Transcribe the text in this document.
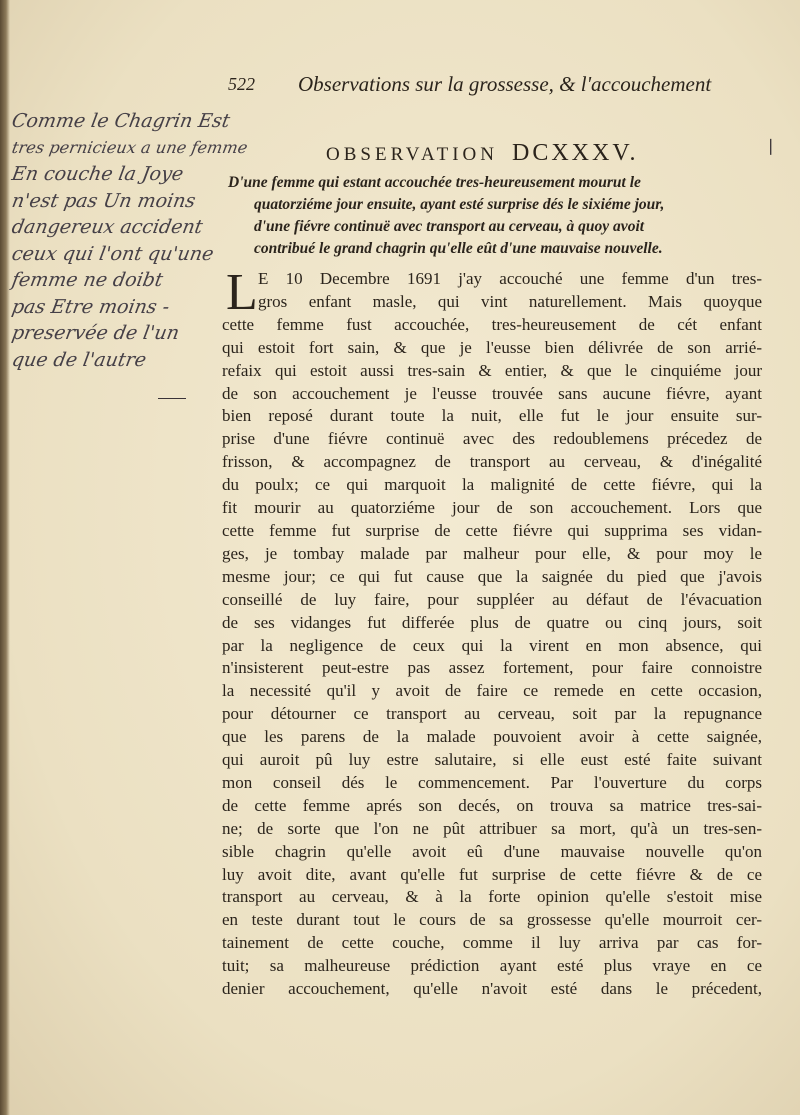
522 Observations sur la grossesse, & l'accouchement
OBSERVATION DCXXXV.
D'une femme qui estant accouchée tres-heureusement mourut le
quatorziéme jour ensuite, ayant esté surprise dés le sixiéme jour,
d'une fiévre continuë avec transport au cerveau, à quoy avoit
contribué le grand chagrin qu'elle eût d'une mauvaise nouvelle.
L E 10 Decembre 1691 j'ay accouché une femme d'un tres-
gros enfant masle, qui vint naturellement. Mais quoyque
cette femme fust accouchée, tres-heureusement de cét enfant
qui estoit fort sain, & que je l'eusse bien délivrée de son arrié-
refaix qui estoit aussi tres-sain & entier, & que le cinquiéme jour
de son accouchement je l'eusse trouvée sans aucune fiévre, ayant
bien reposé durant toute la nuit, elle fut le jour ensuite sur-
prise d'une fiévre continuë avec des redoublemens précedez de
frisson, & accompagnez de transport au cerveau, & d'inégalité
du poulx; ce qui marquoit la malignité de cette fiévre, qui la
fit mourir au quatorziéme jour de son accouchement. Lors que
cette femme fut surprise de cette fiévre qui supprima ses vidan-
ges, je tombay malade par malheur pour elle, & pour moy le
mesme jour; ce qui fut cause que la saignée du pied que j'avois
conseillé de luy faire, pour suppléer au défaut de l'évacuation
de ses vidanges fut differée plus de quatre ou cinq jours, soit
par la negligence de ceux qui la virent en mon absence, qui
n'insisterent peut-estre pas assez fortement, pour faire connoistre
la necessité qu'il y avoit de faire ce remede en cette occasion,
pour détourner ce transport au cerveau, soit par la repugnance
que les parens de la malade pouvoient avoir à cette saignée,
qui auroit pû luy estre salutaire, si elle eust esté faite suivant
mon conseil dés le commencement. Par l'ouverture du corps
de cette femme aprés son decés, on trouva sa matrice tres-sai-
ne; de sorte que l'on ne pût attribuer sa mort, qu'à un tres-sen-
sible chagrin qu'elle avoit eû d'une mauvaise nouvelle qu'on
luy avoit dite, avant qu'elle fut surprise de cette fiévre & de ce
transport au cerveau, & à la forte opinion qu'elle s'estoit mise
en teste durant tout le cours de sa grossesse qu'elle mourroit cer-
tainement de cette couche, comme il luy arriva par cas for-
tuit; sa malheureuse prédiction ayant esté plus vraye en ce
denier accouchement, qu'elle n'avoit esté dans le précedent,
Comme le Chagrin Est
tres pernicieux a une femme
En couche la Joye
n'est pas Un moins
dangereux accident
ceux qui l'ont qu'une
femme ne doibt
pas Etre moins -
preservée de l'un
que de l'autre
❘
